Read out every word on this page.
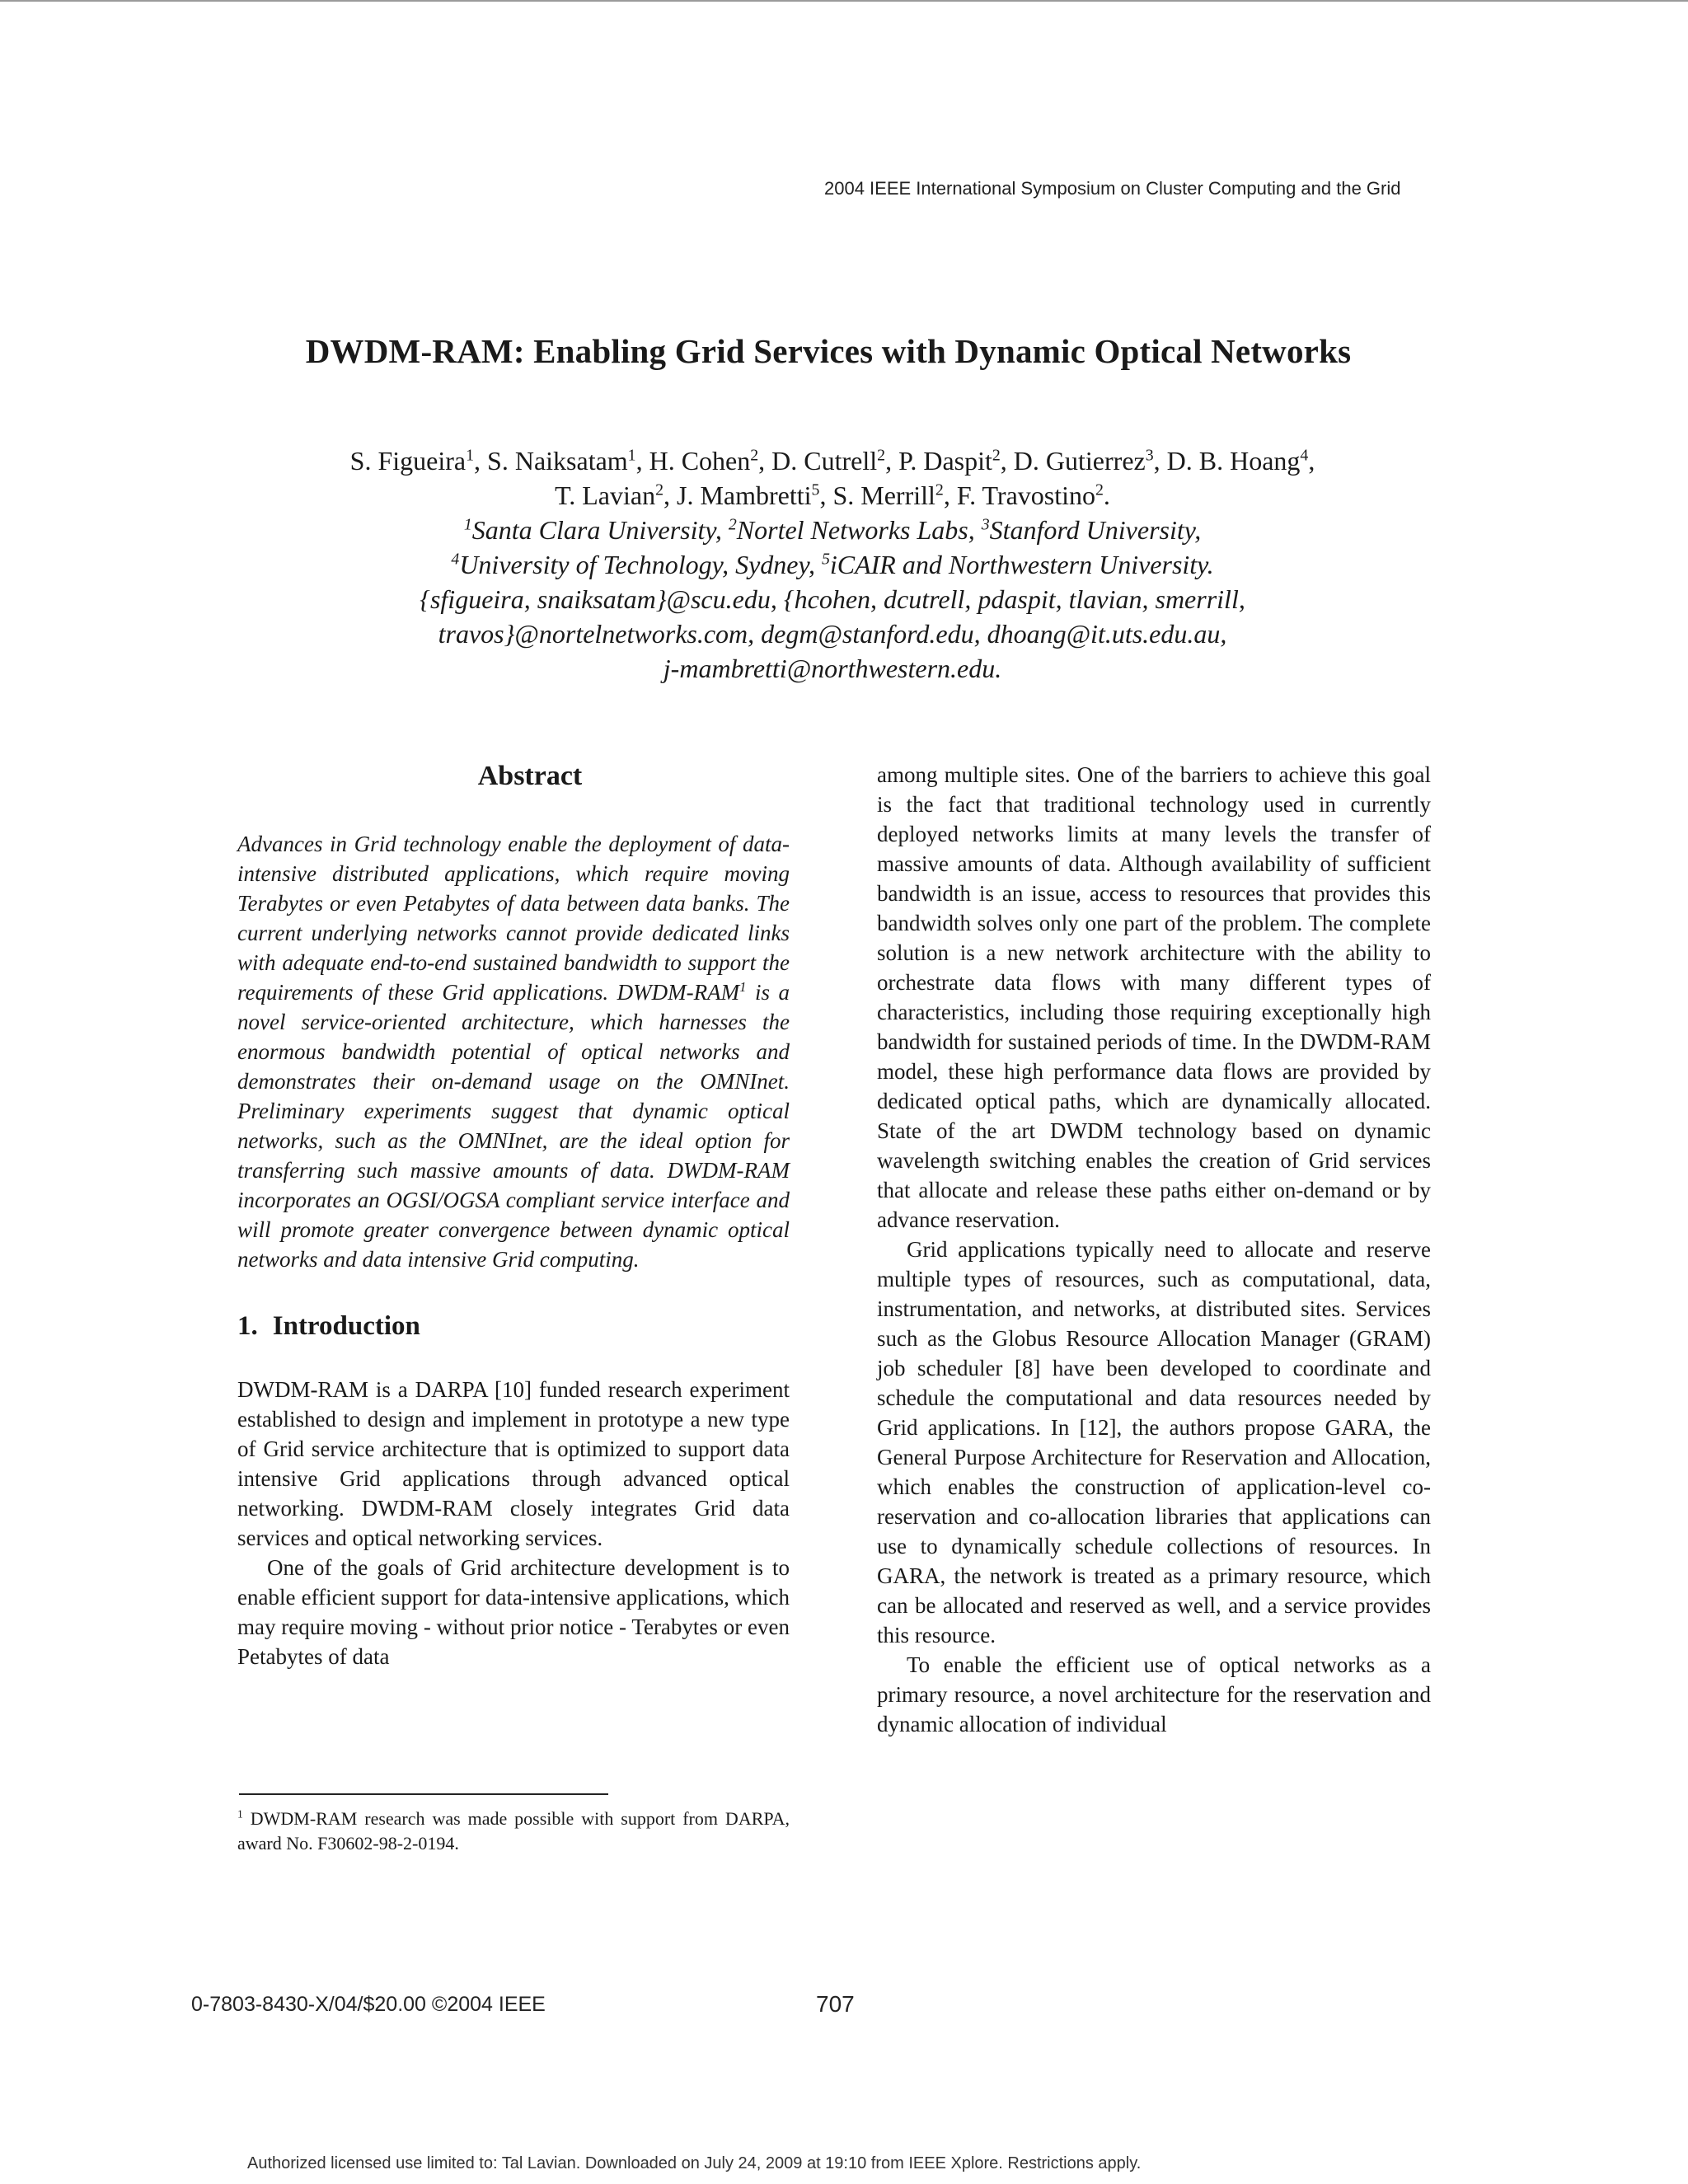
2004 IEEE International Symposium on Cluster Computing and the Grid
DWDM-RAM: Enabling Grid Services with Dynamic Optical Networks
S. Figueira$^1$, S. Naiksatam$^1$, H. Cohen$^2$, D. Cutrell$^2$, P. Daspit$^2$, D. Gutierrez$^3$, D. B. Hoang$^4$,
T. Lavian$^2$, J. Mambretti$^5$, S. Merrill$^2$, F. Travostino$^2$.
$^1$Santa Clara University, $^2$Nortel Networks Labs, $^3$Stanford University,
$^4$University of Technology, Sydney, $^5$iCAIR and Northwestern University.
{sfigueira, snaiksatam}@scu.edu, {hcohen, dcutrell, pdaspit, tlavian, smerrill,
travos}@nortelnetworks.com, degm@stanford.edu, dhoang@it.uts.edu.au,
j-mambretti@northwestern.edu.
Abstract

Advances in Grid technology enable the deployment of data-intensive distributed applications, which require moving Terabytes or even Petabytes of data between data banks. The current underlying networks cannot provide dedicated links with adequate end-to-end sustained bandwidth to support the requirements of these Grid applications. DWDM-RAM$^1$ is a novel service-oriented architecture, which harnesses the enormous bandwidth potential of optical networks and demonstrates their on-demand usage on the OMNInet. Preliminary experiments suggest that dynamic optical networks, such as the OMNInet, are the ideal option for transferring such massive amounts of data. DWDM-RAM incorporates an OGSI/OGSA compliant service interface and will promote greater convergence between dynamic optical networks and data intensive Grid computing.

1. Introduction

DWDM-RAM is a DARPA [10] funded research experiment established to design and implement in prototype a new type of Grid service architecture that is optimized to support data intensive Grid applications through advanced optical networking. DWDM-RAM closely integrates Grid data services and optical networking services.

One of the goals of Grid architecture development is to enable efficient support for data-intensive applications, which may require moving - without prior notice - Terabytes or even Petabytes of data

$^1$ DWDM-RAM research was made possible with support from DARPA, award No. F30602-98-2-0194.

among multiple sites. One of the barriers to achieve this goal is the fact that traditional technology used in currently deployed networks limits at many levels the transfer of massive amounts of data. Although availability of sufficient bandwidth is an issue, access to resources that provides this bandwidth solves only one part of the problem. The complete solution is a new network architecture with the ability to orchestrate data flows with many different types of characteristics, including those requiring exceptionally high bandwidth for sustained periods of time. In the DWDM-RAM model, these high performance data flows are provided by dedicated optical paths, which are dynamically allocated. State of the art DWDM technology based on dynamic wavelength switching enables the creation of Grid services that allocate and release these paths either on-demand or by advance reservation.

Grid applications typically need to allocate and reserve multiple types of resources, such as computational, data, instrumentation, and networks, at distributed sites. Services such as the Globus Resource Allocation Manager (GRAM) job scheduler [8] have been developed to coordinate and schedule the computational and data resources needed by Grid applications. In [12], the authors propose GARA, the General Purpose Architecture for Reservation and Allocation, which enables the construction of application-level co-reservation and co-allocation libraries that applications can use to dynamically schedule collections of resources. In GARA, the network is treated as a primary resource, which can be allocated and reserved as well, and a service provides this resource.

To enable the efficient use of optical networks as a primary resource, a novel architecture for the reservation and dynamic allocation of individual

0-7803-8430-X/04/$20.00 ©2004 IEEE	707
Authorized licensed use limited to: Tal Lavian. Downloaded on July 24, 2009 at 19:10 from IEEE Xplore. Restrictions apply.
